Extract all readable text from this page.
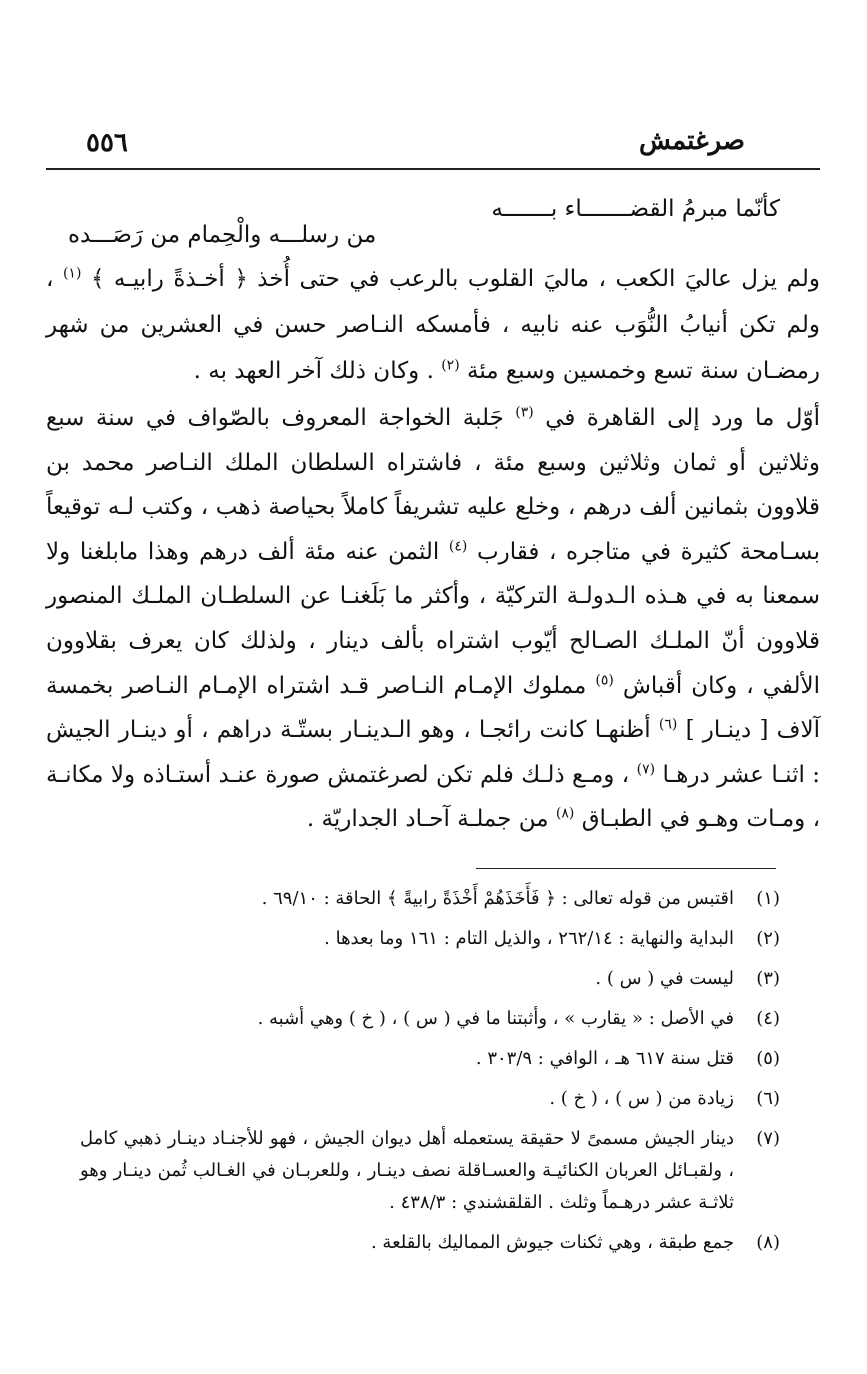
صرغتمش
٥٥٦
كأنّما مبرمُ القضـــــــاء بـــــــه
من رسلـــه والْحِمام من رَصَـــده
ولم يزل عاليَ الكعب ، ماليَ القلوب بالرعب في حتى أُخذ ﴿ أخـذةً رابيـه ﴾ $^{(١)}$ ، ولم تكن أنيابُ النُّوَب عنه نابيه ، فأمسكه النـاصر حسن في العشرين من شهر رمضـان سنة تسع وخمسين وسبع مئة $^{(٢)}$ . وكان ذلك آخر العهد به .
أوّل ما ورد إلى القاهرة في $^{(٣)}$ جَلبة الخواجة المعروف بالصّواف في سنة سبع وثلاثين أو ثمان وثلاثين وسبع مئة ، فاشتراه السلطان الملك النـاصر محمد بن قلاوون بثمانين ألف درهم ، وخلع عليه تشريفاً كاملاً بحياصة ذهب ، وكتب لـه توقيعاً بسـامحة كثيرة في متاجره ، فقارب $^{(٤)}$ الثمن عنه مئة ألف درهم وهذا مابلغنا ولا سمعنا به في هـذه الـدولـة التركيّة ، وأكثر ما بَلَغنـا عن السلطـان الملـك المنصور قلاوون أنّ الملـك الصـالح أيّوب اشتراه بألف دينار ، ولذلك كان يعرف بقلاوون الألفي ، وكان أقباش $^{(٥)}$ مملوك الإمـام النـاصر قـد اشتراه الإمـام النـاصر بخمسة آلاف [ دينـار ] $^{(٦)}$ أظنهـا كانت رائجـا ، وهو الـدينـار بستّـة دراهم ، أو دينـار الجيش : اثنـا عشر درهـا $^{(٧)}$ ، ومـع ذلـك فلم تكن لصرغتمش صورة عنـد أستـاذه ولا مكانـة ، ومـات وهـو في الطبـاق $^{(٨)}$ من جملـة آحـاد الجداريّة .
(١)
اقتبس من قوله تعالى : ﴿ فَأَخَذَهُمْ أَخْذَةً رابيةً ﴾ الحاقة : ٦٩/١٠ .
(٢)
البداية والنهاية : ٢٦٢/١٤ ، والذيل التام : ١٦١ وما بعدها .
(٣)
ليست في ( س ) .
(٤)
في الأصل : « يقارب » ، وأثبتنا ما في ( س ) ، ( خ ) وهي أشبه .
(٥)
قتل سنة ٦١٧ هـ ، الوافي : ٣٠٣/٩ .
(٦)
زيادة من ( س ) ، ( خ ) .
(٧)
دينار الجيش مسمىً لا حقيقة يستعمله أهل ديوان الجيش ، فهو للأجنـاد دينـار ذهبي كامل ، ولقبـائل العربان الكنائيـة والعسـاقلة نصف دينـار ، وللعربـان في الغـالب ثُمن دينـار وهو ثلاثـة عشر درهـماً وثلث . القلقشندي : ٤٣٨/٣ .
(٨)
جمع طبقة ، وهي ثكنات جيوش المماليك بالقلعة .
